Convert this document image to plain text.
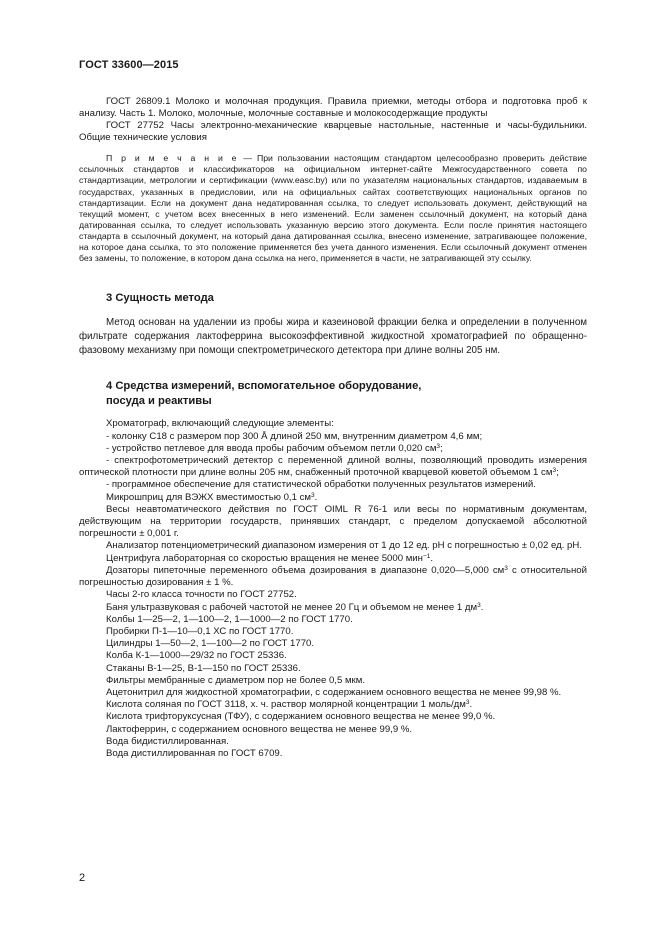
ГОСТ 33600—2015

ГОСТ 26809.1 Молоко и молочная продукция. Правила приемки, методы отбора и подготовка проб к анализу. Часть 1. Молоко, молочные, молочные составные и молокосодержащие продукты

ГОСТ 27752 Часы электронно-механические кварцевые настольные, настенные и часы-будильники. Общие технические условия

П р и м е ч а н и е — При пользовании настоящим стандартом целесообразно проверить действие ссылочных стандартов и классификаторов на официальном интернет-сайте Межгосударственного совета по стандартизации, метрологии и сертификации (www.easc.by) или по указателям национальных стандартов, издаваемым в государствах, указанных в предисловии, или на официальных сайтах соответствующих национальных органов по стандартизации. Если на документ дана недатированная ссылка, то следует использовать документ, действующий на текущий момент, с учетом всех внесенных в него изменений. Если заменен ссылочный документ, на который дана датированная ссылка, то следует использовать указанную версию этого документа. Если после принятия настоящего стандарта в ссылочный документ, на который дана датированная ссылка, внесено изменение, затрагивающее положение, на которое дана ссылка, то это положение применяется без учета данного изменения. Если ссылочный документ отменен без замены, то положение, в котором дана ссылка на него, применяется в части, не затрагивающей эту ссылку.

3 Сущность метода

Метод основан на удалении из пробы жира и казеиновой фракции белка и определении в полученном фильтрате содержания лактоферрина высокоэффективной жидкостной хроматографией по обращенно-фазовому механизму при помощи спектрометрического детектора при длине волны 205 нм.

4 Средства измерений, вспомогательное оборудование,
посуда и реактивы

Хроматограф, включающий следующие элементы:

- колонку С18 с размером пор 300 Å длиной 250 мм, внутренним диаметром 4,6 мм;

- устройство петлевое для ввода пробы рабочим объемом петли 0,020 $см^3$;

- спектрофотометрический детектор с переменной длиной волны, позволяющий проводить измерения оптической плотности при длине волны 205 нм, снабженный проточной кварцевой кюветой объемом 1 $см^3$;

- программное обеспечение для статистической обработки полученных результатов измерений.

Микрошприц для ВЭЖХ вместимостью 0,1 $см^3$.

Весы неавтоматического действия по ГОСТ OIML R 76-1 или весы по нормативным документам, действующим на территории государств, принявших стандарт, с пределом допускаемой абсолютной погрешности ± 0,001 г.

Анализатор потенциометрический диапазоном измерения от 1 до 12 ед. рН с погрешностью ± 0,02 ед. рН.

Центрифуга лабораторная со скоростью вращения не менее 5000 мин$^{-1}$.

Дозаторы пипеточные переменного объема дозирования в диапазоне 0,020—5,000 $см^3$ с относительной погрешностью дозирования ± 1 %.

Часы 2-го класса точности по ГОСТ 27752.

Баня ультразвуковая с рабочей частотой не менее 20 Гц и объемом не менее 1 $дм^3$.

Колбы 1—25—2, 1—100—2, 1—1000—2 по ГОСТ 1770.

Пробирки П-1—10—0,1 ХС по ГОСТ 1770.

Цилиндры 1—50—2, 1—100—2 по ГОСТ 1770.

Колба К-1—1000—29/32 по ГОСТ 25336.

Стаканы В-1—25, В-1—150 по ГОСТ 25336.

Фильтры мембранные с диаметром пор не более 0,5 мкм.

Ацетонитрил для жидкостной хроматографии, с содержанием основного вещества не менее 99,98 %.

Кислота соляная по ГОСТ 3118, х. ч. раствор молярной концентрации 1 моль/$дм^3$.

Кислота трифторуксусная (ТФУ), с содержанием основного вещества не менее 99,0 %.

Лактоферрин, с содержанием основного вещества не менее 99,9 %.

Вода бидистиллированная.

Вода дистиллированная по ГОСТ 6709.

2
